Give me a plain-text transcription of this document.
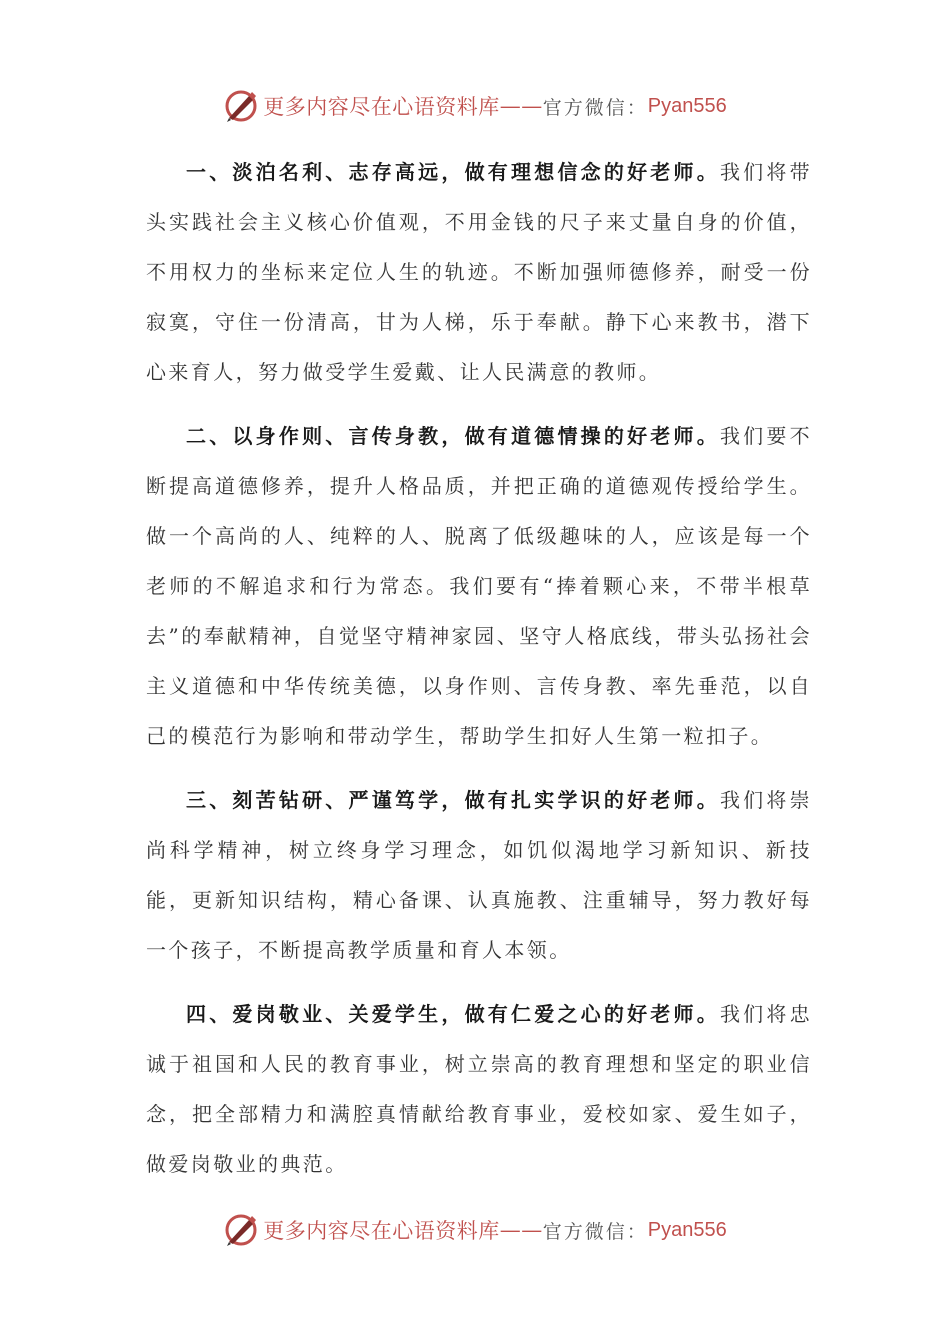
更多内容尽在心语资料库 — — 官方微信： Pyan556

一、淡泊名利、志存高远，做有理想信念的好老师。我们将带头实践社会主义核心价值观，不用金钱的尺子来丈量自身的价值，不用权力的坐标来定位人生的轨迹。不断加强师德修养，耐受一份寂寞，守住一份清高，甘为人梯，乐于奉献。静下心来教书，潜下心来育人，努力做受学生爱戴、让人民满意的教师。

二、以身作则、言传身教，做有道德情操的好老师。我们要不断提高道德修养，提升人格品质，并把正确的道德观传授给学生。做一个高尚的人、纯粹的人、脱离了低级趣味的人，应该是每一个老师的不解追求和行为常态。我们要有“捧着颗心来，不带半根草去”的奉献精神，自觉坚守精神家园、坚守人格底线，带头弘扬社会主义道德和中华传统美德，以身作则、言传身教、率先垂范，以自己的模范行为影响和带动学生，帮助学生扣好人生第一粒扣子。

三、刻苦钻研、严谨笃学，做有扎实学识的好老师。我们将崇尚科学精神，树立终身学习理念，如饥似渴地学习新知识、新技能，更新知识结构，精心备课、认真施教、注重辅导，努力教好每一个孩子，不断提高教学质量和育人本领。

四、爱岗敬业、关爱学生，做有仁爱之心的好老师。我们将忠诚于祖国和人民的教育事业，树立崇高的教育理想和坚定的职业信念，把全部精力和满腔真情献给教育事业，爱校如家、爱生如子，做爱岗敬业的典范。

更多内容尽在心语资料库 — — 官方微信： Pyan556
